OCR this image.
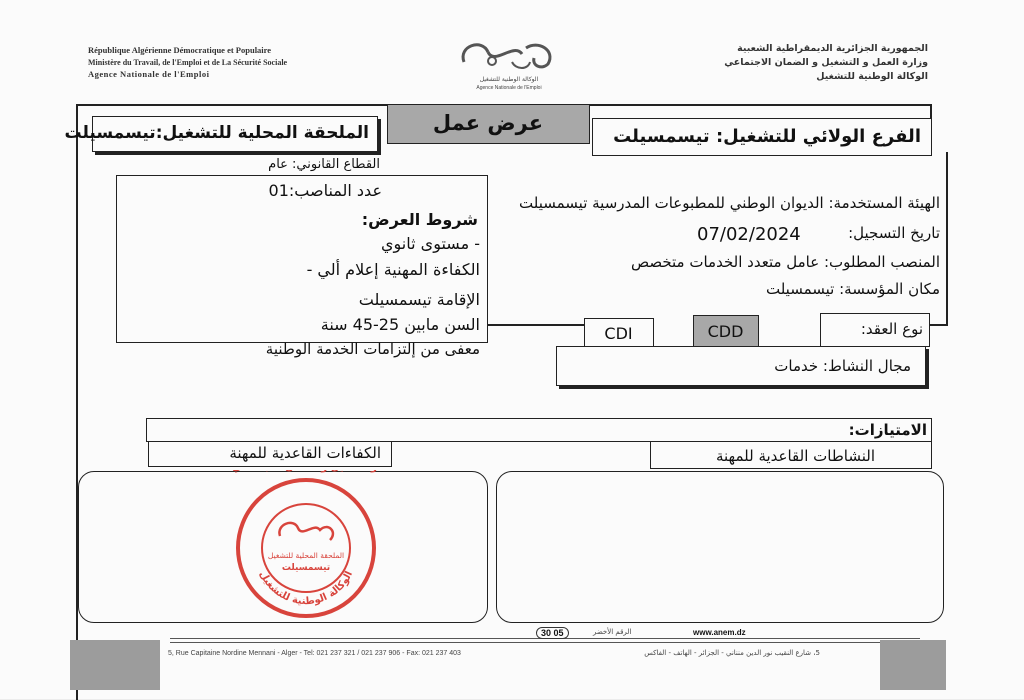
République Algérienne Démocratique et Populaire
Ministère du Travail, de l'Emploi et de La Sécurité Sociale
Agence Nationale de l'Emploi
الوكالة الوطنية للتشغيل
Agence Nationale de l'Emploi
الجمهورية الجزائرية الديمقراطية الشعبية
وزارة العمل و التشغيل و الضمان الاجتماعي
الوكالة الوطنية للتشغيل
الملحقة المحلية للتشغيل:تيسمسيلت	عرض عمل
الفرع الولائي للتشغيل: تيسمسيلت
القطاع القانوني: عام
عدد المناصب:01
شروط العرض:
- مستوى ثانوي
الكفاءة المهنية إعلام ألي -
الإقامة تيسمسيلت
السن مابين 25-45 سنة
معفى من إلتزامات الخدمة الوطنية
الهيئة المستخدمة: الديوان الوطني للمطبوعات المدرسية تيسمسيلت
تاريخ التسجيل:
07/02/2024
المنصب المطلوب: عامل متعدد الخدمات متخصص
مكان المؤسسة: تيسمسيلت
CDI	CDD	نوع العقد:
مجال النشاط: خدمات
الامتيازات:
الكفاءات القاعدية للمهنة	النشاطات القاعدية للمهنة
الوكالة الوطنية للتشغيل
الملحقة المحلية للتشغيل
تيسمسيلت
www.anem.dz
الرقم الأخضر
30 05
5, Rue Capitaine Nordine Mennani - Alger - Tel: 021 237 321 / 021 237 906 - Fax: 021 237 403	5، شارع النقيب نور الدين منناني - الجزائر - الهاتف - الفاكس
